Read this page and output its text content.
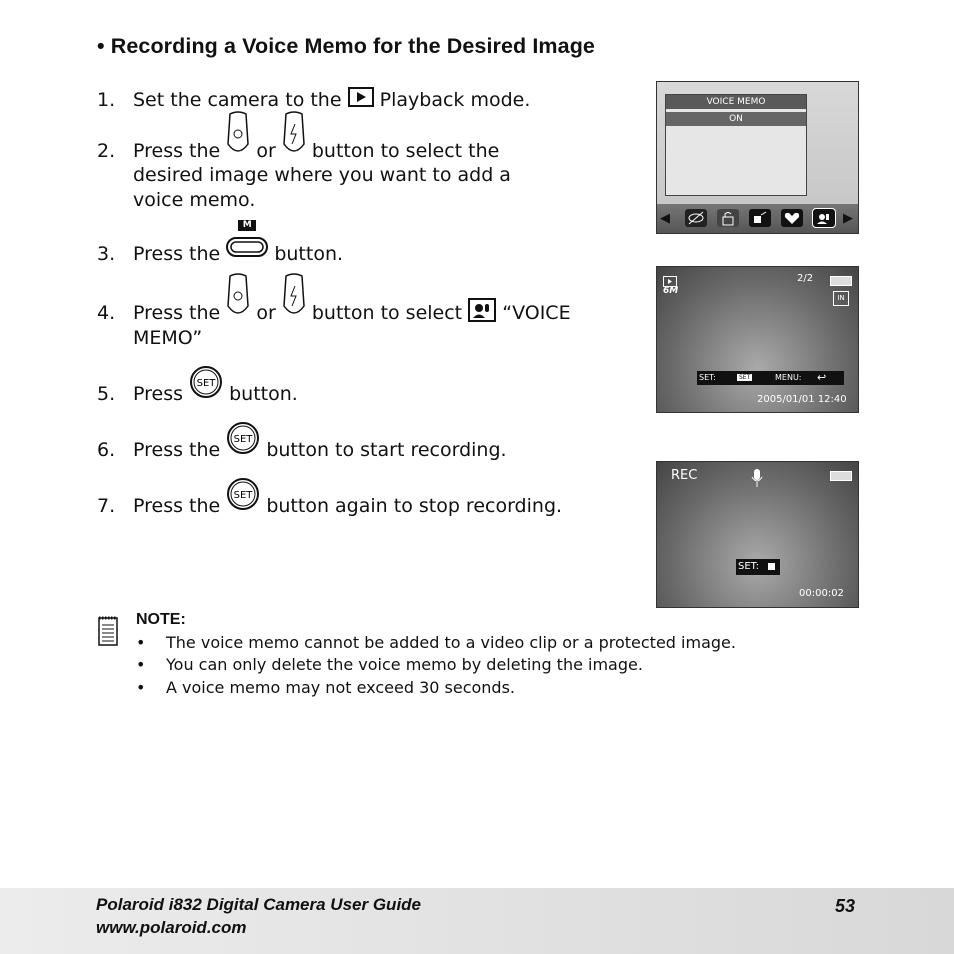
• Recording a Voice Memo for the Desired Image
1. Set the camera to the Playback mode.
2. Press the or button to select the
desired image where you want to add a
voice memo.
3. Press the
M
button.
4. Press the or button to select “VOICE
MEMO”
5. Press SET button.
6. Press the SET button to start recording.
7. Press the SET button again to stop recording.
VOICE MEMO
ON
◀	▶
6M
2/2
IN
SET:	SET	MENU: ↩
2005/01/01 12:40
REC
SET:
00:00:02
NOTE:
• The voice memo cannot be added to a video clip or a protected image.
• You can only delete the voice memo by deleting the image.
• A voice memo may not exceed 30 seconds.
Polaroid i832 Digital Camera User Guide
www.polaroid.com
53
